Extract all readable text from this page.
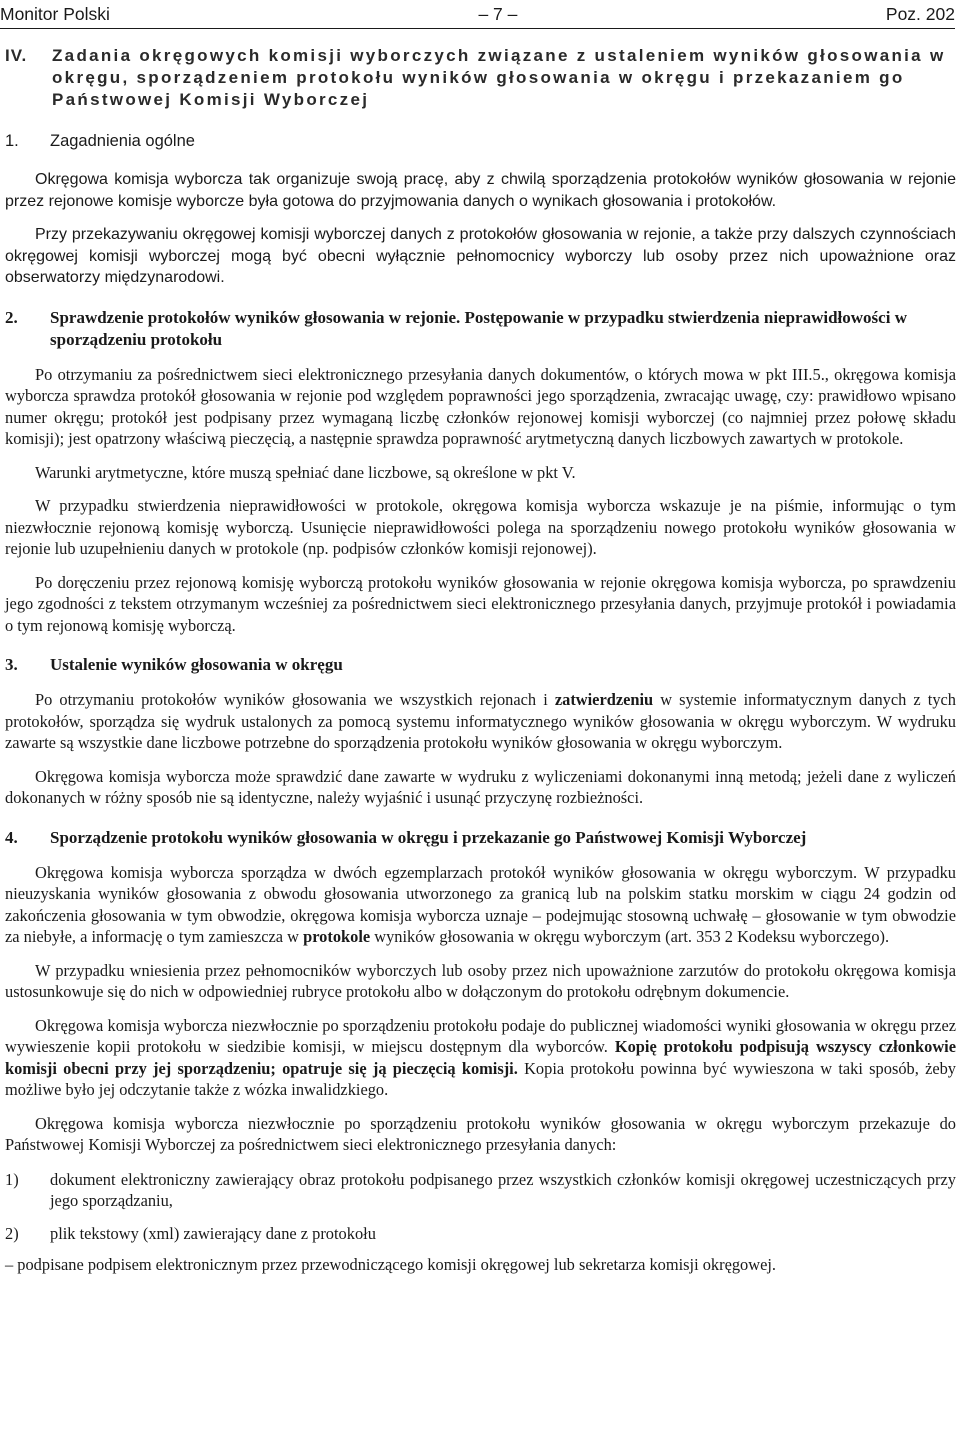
Monitor Polski	– 7 –	Poz. 202
IV.	Zadania okręgowych komisji wyborczych związane z ustaleniem wyników głosowania w okręgu, sporządzeniem protokołu wyników głosowania w okręgu i przekazaniem go Państwowej Komisji Wyborczej
1.	Zagadnienia ogólne

Okręgowa komisja wyborcza tak organizuje swoją pracę, aby z chwilą sporządzenia protokołów wyników głosowania w rejonie przez rejonowe komisje wyborcze była gotowa do przyjmowania danych o wynikach głosowania i protokołów.

Przy przekazywaniu okręgowej komisji wyborczej danych z protokołów głosowania w rejonie, a także przy dalszych czynnościach okręgowej komisji wyborczej mogą być obecni wyłącznie pełnomocnicy wyborczy lub osoby przez nich upoważnione oraz obserwatorzy międzynarodowi.

2.	Sprawdzenie protokołów wyników głosowania w rejonie. Postępowanie w przypadku stwierdzenia nieprawidłowości w sporządzeniu protokołu

Po otrzymaniu za pośrednictwem sieci elektronicznego przesyłania danych dokumentów, o których mowa w pkt III.5., okręgowa komisja wyborcza sprawdza protokół głosowania w rejonie pod względem poprawności jego sporządzenia, zwracając uwagę, czy: prawidłowo wpisano numer okręgu; protokół jest podpisany przez wymaganą liczbę członków rejonowej komisji wyborczej (co najmniej przez połowę składu komisji); jest opatrzony właściwą pieczęcią, a następnie sprawdza poprawność arytmetyczną danych liczbowych zawartych w protokole.

Warunki arytmetyczne, które muszą spełniać dane liczbowe, są określone w pkt V.

W przypadku stwierdzenia nieprawidłowości w protokole, okręgowa komisja wyborcza wskazuje je na piśmie, informując o tym niezwłocznie rejonową komisję wyborczą. Usunięcie nieprawidłowości polega na sporządzeniu nowego protokołu wyników głosowania w rejonie lub uzupełnieniu danych w protokole (np. podpisów członków komisji rejonowej).

Po doręczeniu przez rejonową komisję wyborczą protokołu wyników głosowania w rejonie okręgowa komisja wyborcza, po sprawdzeniu jego zgodności z tekstem otrzymanym wcześniej za pośrednictwem sieci elektronicznego przesyłania danych, przyjmuje protokół i powiadamia o tym rejonową komisję wyborczą.

3.	Ustalenie wyników głosowania w okręgu

Po otrzymaniu protokołów wyników głosowania we wszystkich rejonach i zatwierdzeniu w systemie informatycznym danych z tych protokołów, sporządza się wydruk ustalonych za pomocą systemu informatycznego wyników głosowania w okręgu wyborczym. W wydruku zawarte są wszystkie dane liczbowe potrzebne do sporządzenia protokołu wyników głosowania w okręgu wyborczym.

Okręgowa komisja wyborcza może sprawdzić dane zawarte w wydruku z wyliczeniami dokonanymi inną metodą; jeżeli dane z wyliczeń dokonanych w różny sposób nie są identyczne, należy wyjaśnić i usunąć przyczynę rozbieżności.

4.	Sporządzenie protokołu wyników głosowania w okręgu i przekazanie go Państwowej Komisji Wyborczej

Okręgowa komisja wyborcza sporządza w dwóch egzemplarzach protokół wyników głosowania w okręgu wyborczym. W przypadku nieuzyskania wyników głosowania z obwodu głosowania utworzonego za granicą lub na polskim statku morskim w ciągu 24 godzin od zakończenia głosowania w tym obwodzie, okręgowa komisja wyborcza uznaje – podejmując stosowną uchwałę – głosowanie w tym obwodzie za niebyłe, a informację o tym zamieszcza w protokole wyników głosowania w okręgu wyborczym (art. 353 2 Kodeksu wyborczego).

W przypadku wniesienia przez pełnomocników wyborczych lub osoby przez nich upoważnione zarzutów do protokołu okręgowa komisja ustosunkowuje się do nich w odpowiedniej rubryce protokołu albo w dołączonym do protokołu odrębnym dokumencie.

Okręgowa komisja wyborcza niezwłocznie po sporządzeniu protokołu podaje do publicznej wiadomości wyniki głosowania w okręgu przez wywieszenie kopii protokołu w siedzibie komisji, w miejscu dostępnym dla wyborców. Kopię protokołu podpisują wszyscy członkowie komisji obecni przy jej sporządzeniu; opatruje się ją pieczęcią komisji. Kopia protokołu powinna być wywieszona w taki sposób, żeby możliwe było jej odczytanie także z wózka inwalidzkiego.

Okręgowa komisja wyborcza niezwłocznie po sporządzeniu protokołu wyników głosowania w okręgu wyborczym przekazuje do Państwowej Komisji Wyborczej za pośrednictwem sieci elektronicznego przesyłania danych:

1)	dokument elektroniczny zawierający obraz protokołu podpisanego przez wszystkich członków komisji okręgowej uczestniczących przy jego sporządzaniu,
2)	plik tekstowy (xml) zawierający dane z protokołu
– podpisane podpisem elektronicznym przez przewodniczącego komisji okręgowej lub sekretarza komisji okręgowej.
